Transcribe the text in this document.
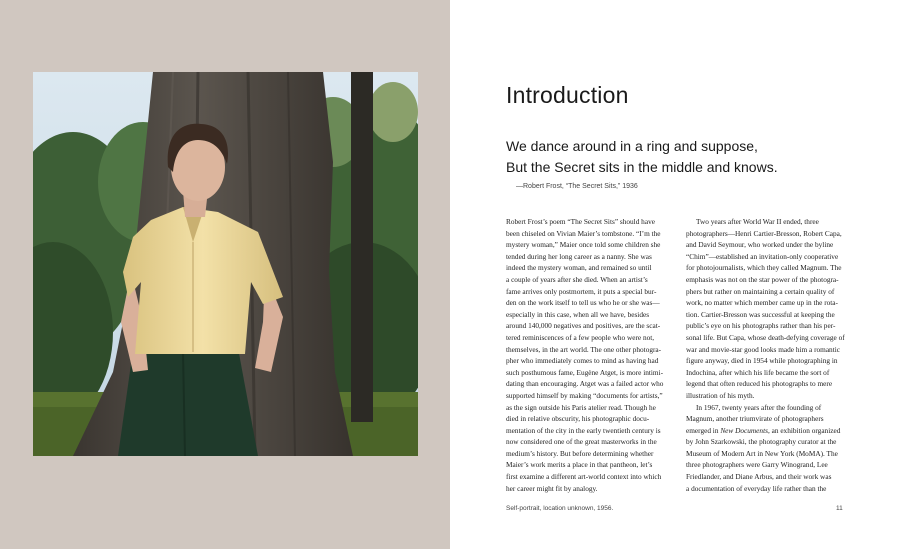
Introduction
We dance around in a ring and suppose,
But the Secret sits in the middle and knows.
—Robert Frost, “The Secret Sits,” 1936
Robert Frost’s poem “The Secret Sits” should have
been chiseled on Vivian Maier’s tombstone. “I’m the
mystery woman,” Maier once told some children she
tended during her long career as a nanny. She was
indeed the mystery woman, and remained so until
a couple of years after she died. When an artist’s
fame arrives only postmortem, it puts a special bur-
den on the work itself to tell us who he or she was—
especially in this case, when all we have, besides
around 140,000 negatives and positives, are the scat-
tered reminiscences of a few people who were not,
themselves, in the art world. The one other photogra-
pher who immediately comes to mind as having had
such posthumous fame, Eugène Atget, is more intimi-
dating than encouraging. Atget was a failed actor who
supported himself by making “documents for artists,”
as the sign outside his Paris atelier read. Though he
died in relative obscurity, his photographic docu-
mentation of the city in the early twentieth century is
now considered one of the great masterworks in the
medium’s history. But before determining whether
Maier’s work merits a place in that pantheon, let’s
first examine a different art-world context into which
her career might fit by analogy.
Two years after World War II ended, three
photographers—Henri Cartier-Bresson, Robert Capa,
and David Seymour, who worked under the byline
“Chim”—established an invitation-only cooperative
for photojournalists, which they called Magnum. The
emphasis was not on the star power of the photogra-
phers but rather on maintaining a certain quality of
work, no matter which member came up in the rota-
tion. Cartier-Bresson was successful at keeping the
public’s eye on his photographs rather than his per-
sonal life. But Capa, whose death-defying coverage of
war and movie-star good looks made him a romantic
figure anyway, died in 1954 while photographing in
Indochina, after which his life became the sort of
legend that often reduced his photographs to mere
illustration of his myth.
In 1967, twenty years after the founding of
Magnum, another triumvirate of photographers
emerged in New Documents, an exhibition organized
by John Szarkowski, the photography curator at the
Museum of Modern Art in New York (MoMA). The
three photographers were Garry Winogrand, Lee
Friedlander, and Diane Arbus, and their work was
a documentation of everyday life rather than the
Self-portrait, location unknown, 1956.	11
